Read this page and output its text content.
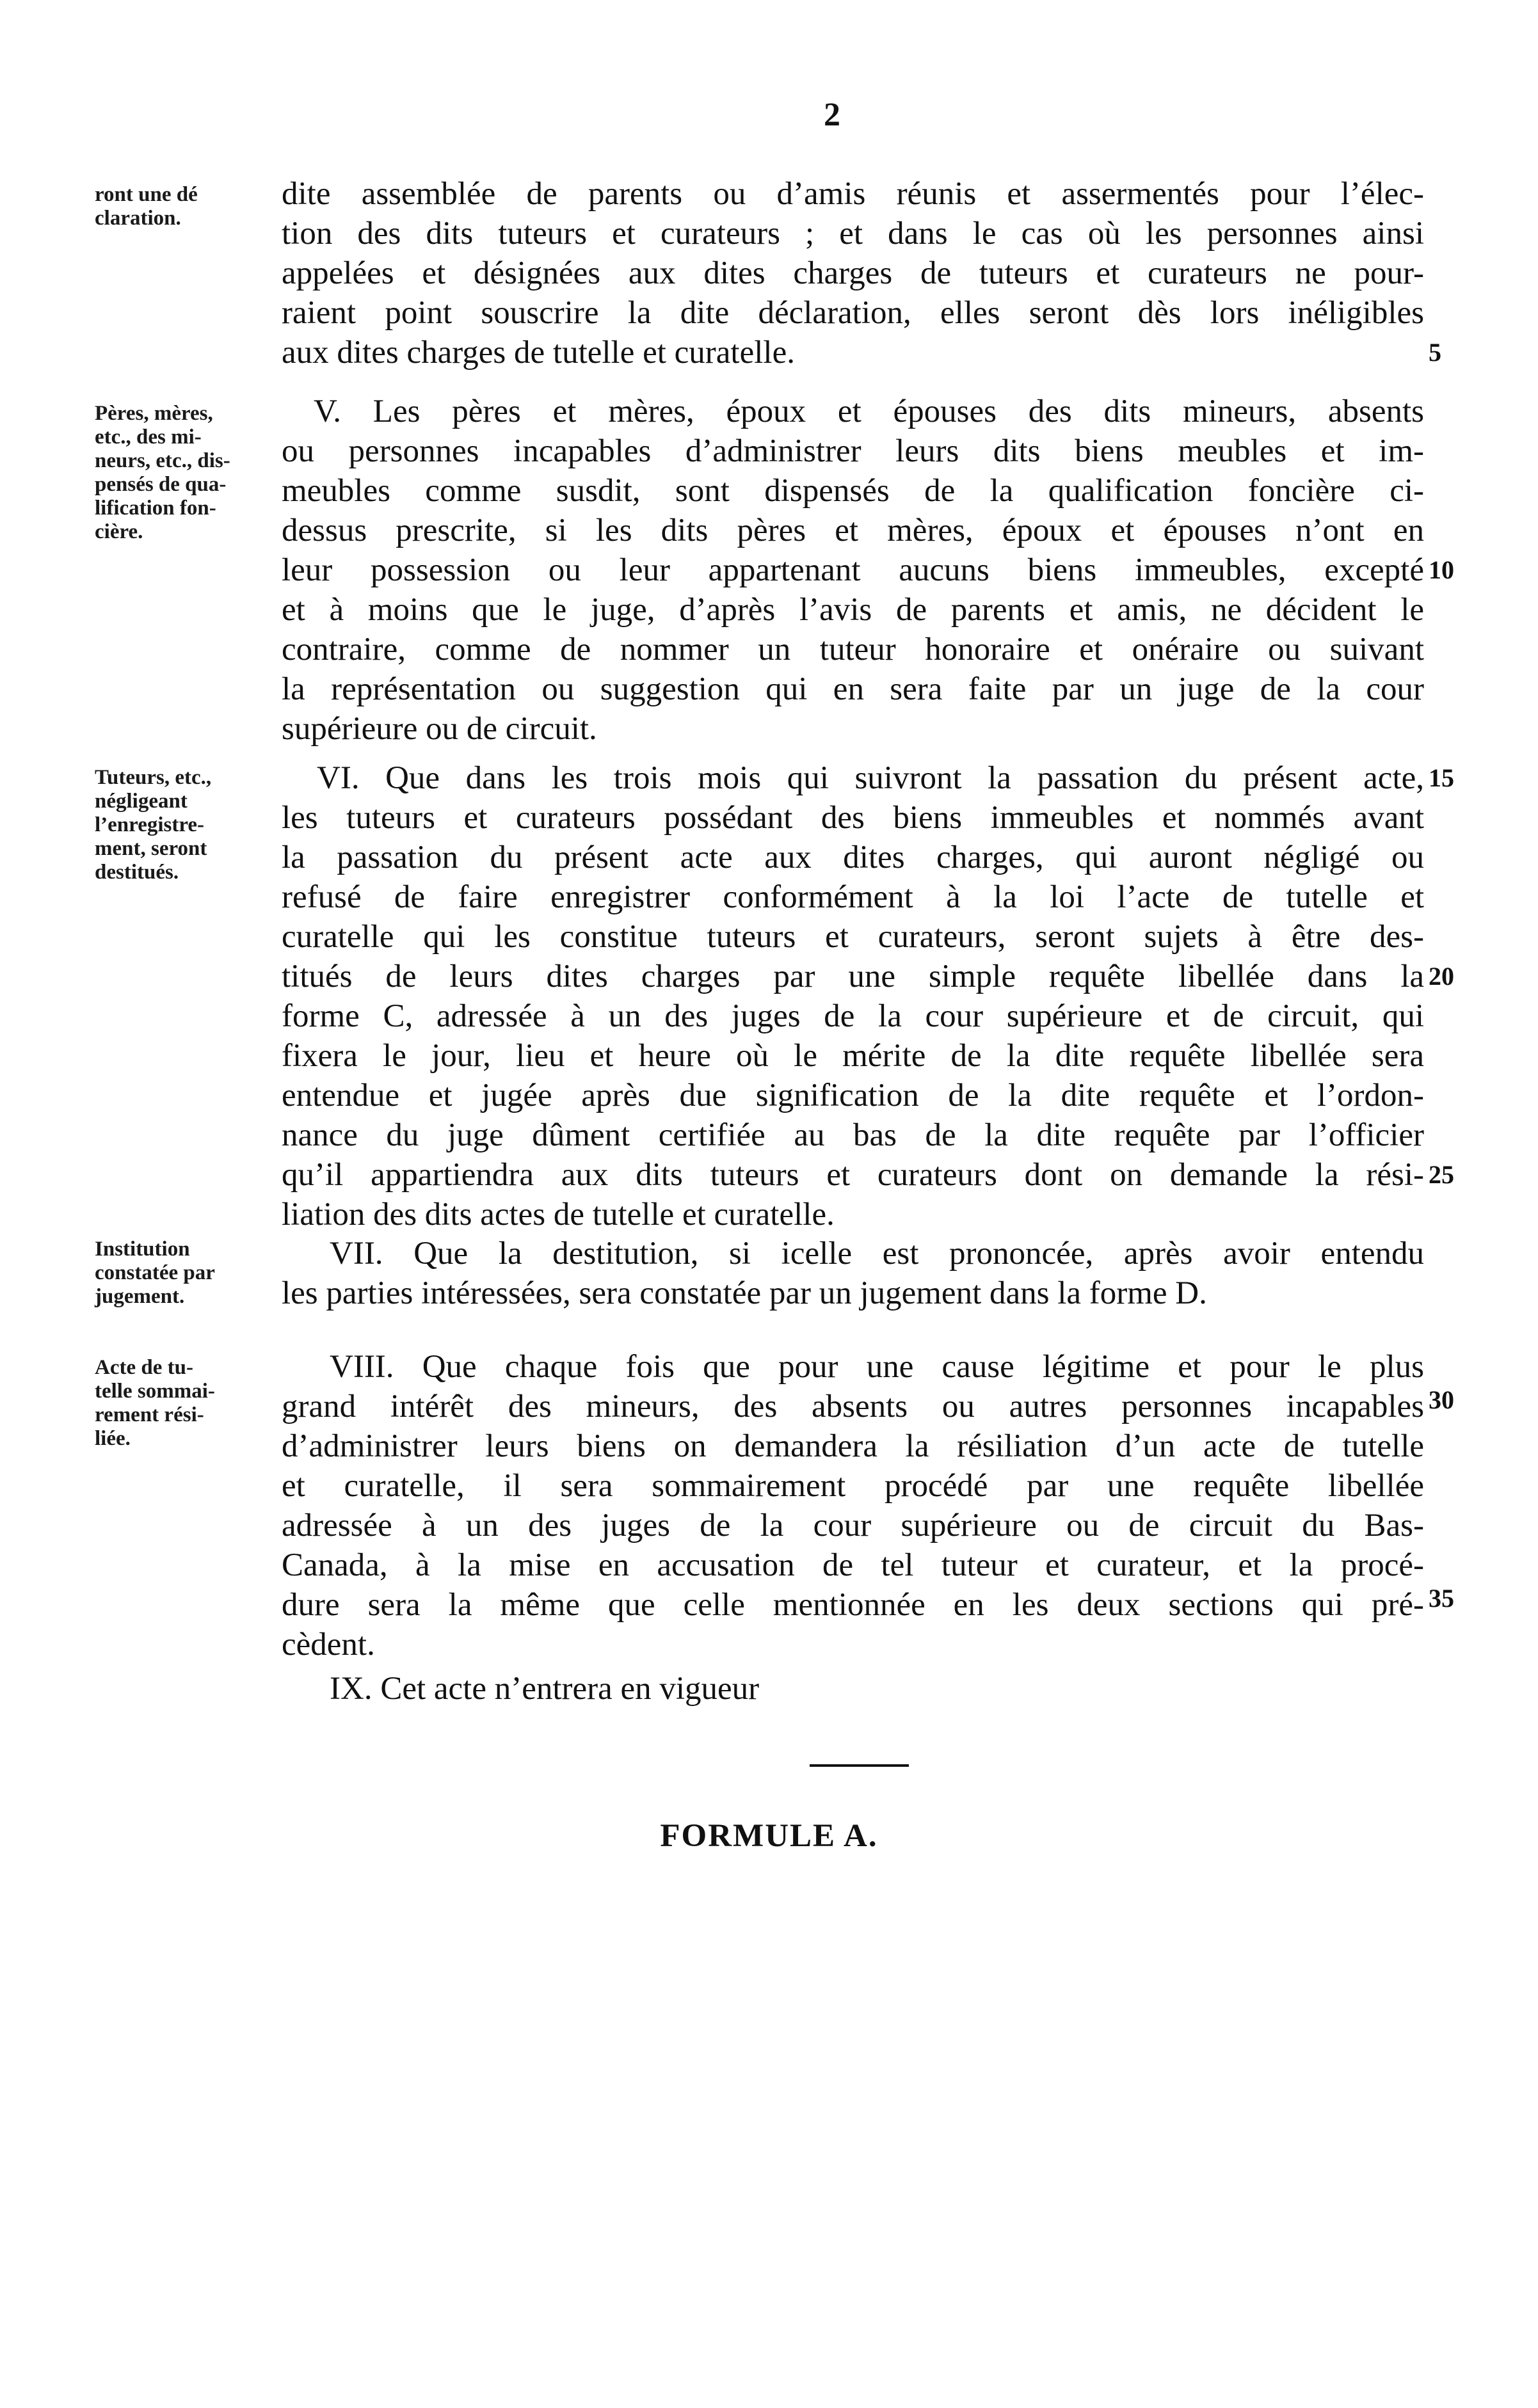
2
ront une dé
claration.
dite assemblée de parents ou d’amis réunis et assermentés pour l’élec-
tion des dits tuteurs et curateurs ; et dans le cas où les personnes ainsi
appelées et désignées aux dites charges de tuteurs et curateurs ne pour-
raient point souscrire la dite déclaration, elles seront dès lors inéligibles
aux dites charges de tutelle et curatelle.	5
Pères, mères,
etc., des mi-
neurs, etc., dis-
pensés de qua-
lification fon-
cière.
V. Les pères et mères, époux et épouses des dits mineurs, absents
ou personnes incapables d’administrer leurs dits biens meubles et im-
meubles comme susdit, sont dispensés de la qualification foncière ci-
dessus prescrite, si les dits pères et mères, époux et épouses n’ont en
leur possession ou leur appartenant aucuns biens immeubles, excepté
et à moins que le juge, d’après l’avis de parents et amis, ne décident le
contraire, comme de nommer un tuteur honoraire et onéraire ou suivant
la représentation ou suggestion qui en sera faite par un juge de la cour
supérieure ou de circuit.
10
Tuteurs, etc.,
négligeant
l’enregistre-
ment, seront
destitués.
VI. Que dans les trois mois qui suivront la passation du présent acte,
les tuteurs et curateurs possédant des biens immeubles et nommés avant
la passation du présent acte aux dites charges, qui auront négligé ou
refusé de faire enregistrer conformément à la loi l’acte de tutelle et
curatelle qui les constitue tuteurs et curateurs, seront sujets à être des-
titués de leurs dites charges par une simple requête libellée dans la
forme C, adressée à un des juges de la cour supérieure et de circuit, qui
fixera le jour, lieu et heure où le mérite de la dite requête libellée sera
entendue et jugée après due signification de la dite requête et l’ordon-
nance du juge dûment certifiée au bas de la dite requête par l’officier
qu’il appartiendra aux dits tuteurs et curateurs dont on demande la rési-
liation des dits actes de tutelle et curatelle.
15
20
25
Institution
constatée par
jugement.
VII. Que la destitution, si icelle est prononcée, après avoir entendu
les parties intéressées, sera constatée par un jugement dans la forme D.
Acte de tu-
telle sommai-
rement rési-
liée.
VIII. Que chaque fois que pour une cause légitime et pour le plus
grand intérêt des mineurs, des absents ou autres personnes incapables
d’administrer leurs biens on demandera la résiliation d’un acte de tutelle
et curatelle, il sera sommairement procédé par une requête libellée
adressée à un des juges de la cour supérieure ou de circuit du Bas-
Canada, à la mise en accusation de tel tuteur et curateur, et la procé-
dure sera la même que celle mentionnée en les deux sections qui pré-
cèdent.
30
35
IX. Cet acte n’entrera en vigueur
FORMULE A.
